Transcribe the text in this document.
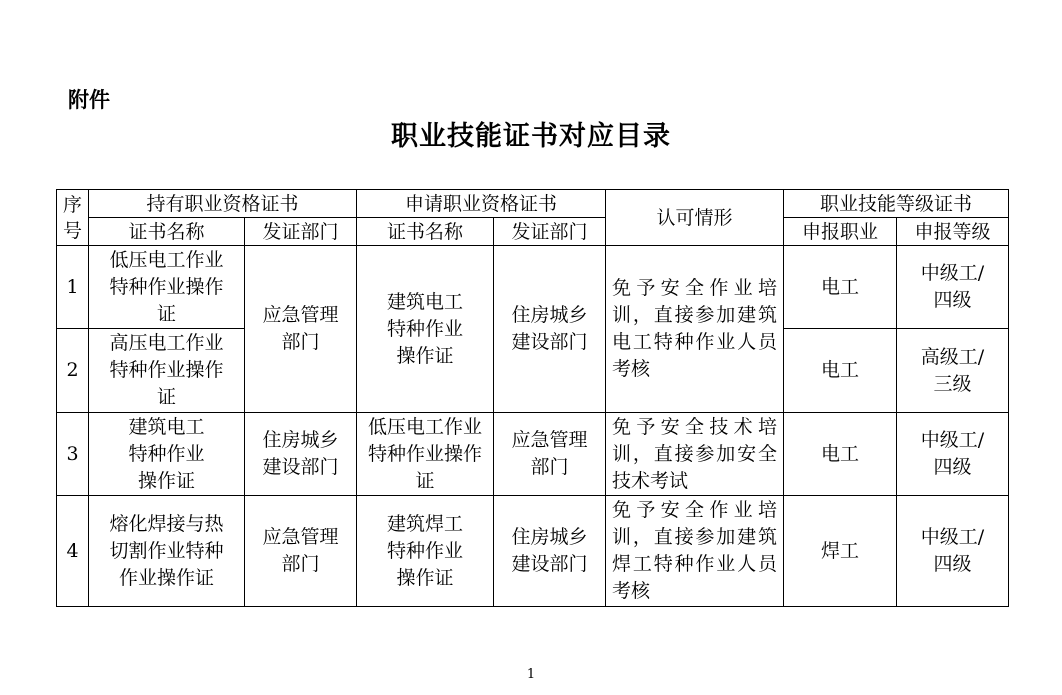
附件
职业技能证书对应目录
序号	持有职业资格证书		申请职业资格证书		认可情形	职业技能等级证书	
	证书名称	发证部门	证书名称	发证部门		申报职业	申报等级
1	低压电工作业特种作业操作证	应急管理部门	建筑电工特种作业操作证	住房城乡建设部门	免予安全作业培训，直接参加建筑电工特种作业人员考核	电工	中级工/四级

2	高压电工作业特种作业操作证					电工	高级工/三级

3	建筑电工特种作业操作证	住房城乡建设部门	低压电工作业特种作业操作证	应急管理部门	免予安全技术培训，直接参加安全技术考试	电工	中级工/四级

4	熔化焊接与热切割作业特种作业操作证	应急管理部门	建筑焊工特种作业操作证	住房城乡建设部门	免予安全作业培训，直接参加建筑焊工特种作业人员考核	焊工	中级工/四级
1
